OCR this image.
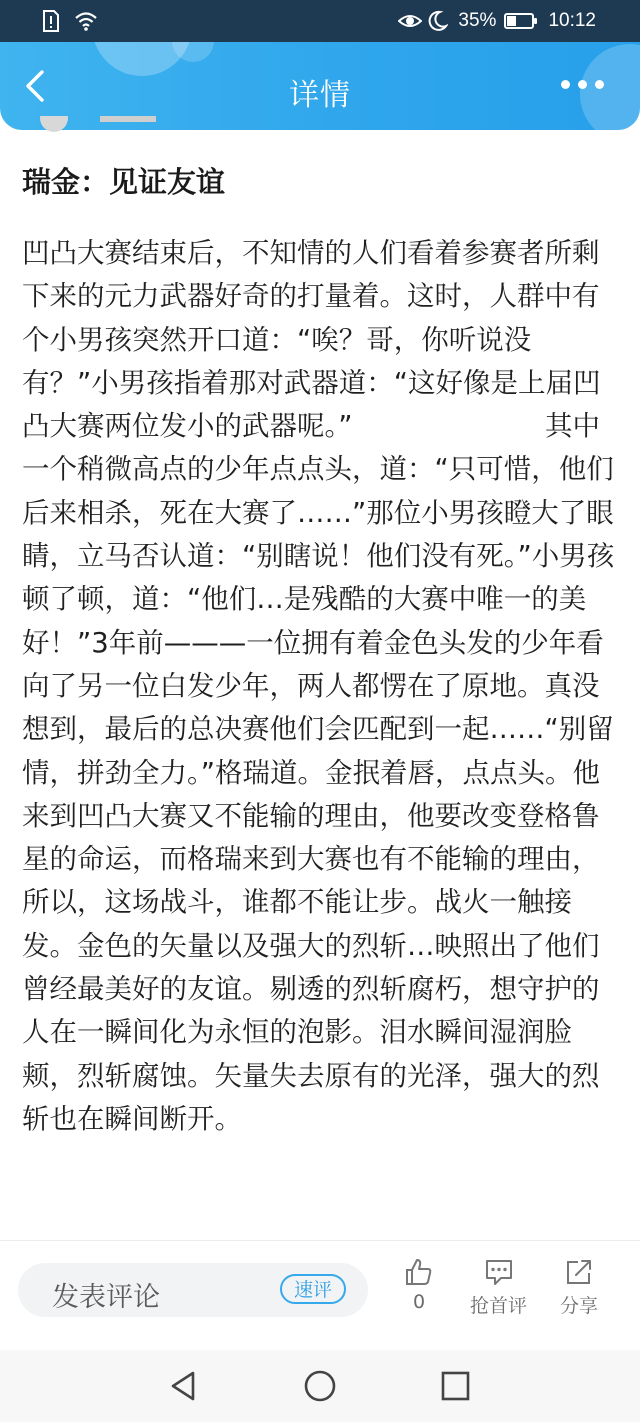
35%	10:12
详情
瑞金：见证友谊
凹凸大赛结束后，不知情的人们看着参赛者所剩下来的元力武器好奇的打量着。这时，人群中有个小男孩突然开口道：“唉？哥，你听说没有？”小男孩指着那对武器道：“这好像是上届凹凸大赛两位发小的武器呢。”　　　　　　　其中一个稍微高点的少年点点头，道：“只可惜，他们后来相杀，死在大赛了……”那位小男孩瞪大了眼睛，立马否认道：“别瞎说！他们没有死。”小男孩顿了顿，道：“他们…是残酷的大赛中唯一的美好！”3年前———一位拥有着金色头发的少年看向了另一位白发少年，两人都愣在了原地。真没想到，最后的总决赛他们会匹配到一起……“别留情，拼劲全力。”格瑞道。金抿着唇，点点头。他来到凹凸大赛又不能输的理由，他要改变登格鲁星的命运，而格瑞来到大赛也有不能输的理由，所以，这场战斗，谁都不能让步。战火一触接发。金色的矢量以及强大的烈斩…映照出了他们曾经最美好的友谊。剔透的烈斩腐朽，想守护的人在一瞬间化为永恒的泡影。泪水瞬间湿润脸颊，烈斩腐蚀。矢量失去原有的光泽，强大的烈斩也在瞬间断开。
发表评论	速评
0	抢首评 分享
